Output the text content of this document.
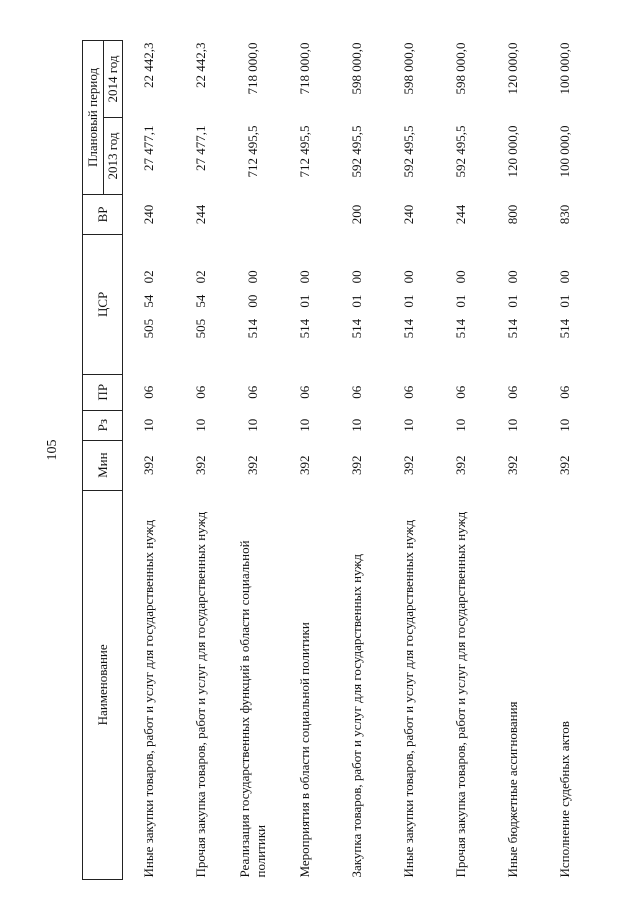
105
Наименование	Мин	Рз	ПР	ЦСР	ВР	Плановый период	
						2013 год	2014 год
Иные закупки товаров, работ и услуг для государственных нужд	392	10	06	505 54 02	240	27 477,1	22 442,3
Прочая закупка товаров, работ и услуг для государственных нужд	392	10	06	505 54 02	244	27 477,1	22 442,3
Реализация государственных функций в области социальной политики	392	10	06	514 00 00		712 495,5	718 000,0
Мероприятия в области социальной политики	392	10	06	514 01 00		712 495,5	718 000,0
Закупка товаров, работ и услуг для государственных нужд	392	10	06	514 01 00	200	592 495,5	598 000,0
Иные закупки товаров, работ и услуг для государственных нужд	392	10	06	514 01 00	240	592 495,5	598 000,0
Прочая закупка товаров, работ и услуг для государственных нужд	392	10	06	514 01 00	244	592 495,5	598 000,0
Иные бюджетные ассигнования	392	10	06	514 01 00	800	120 000,0	120 000,0
Исполнение судебных актов	392	10	06	514 01 00	830	100 000,0	100 000,0
